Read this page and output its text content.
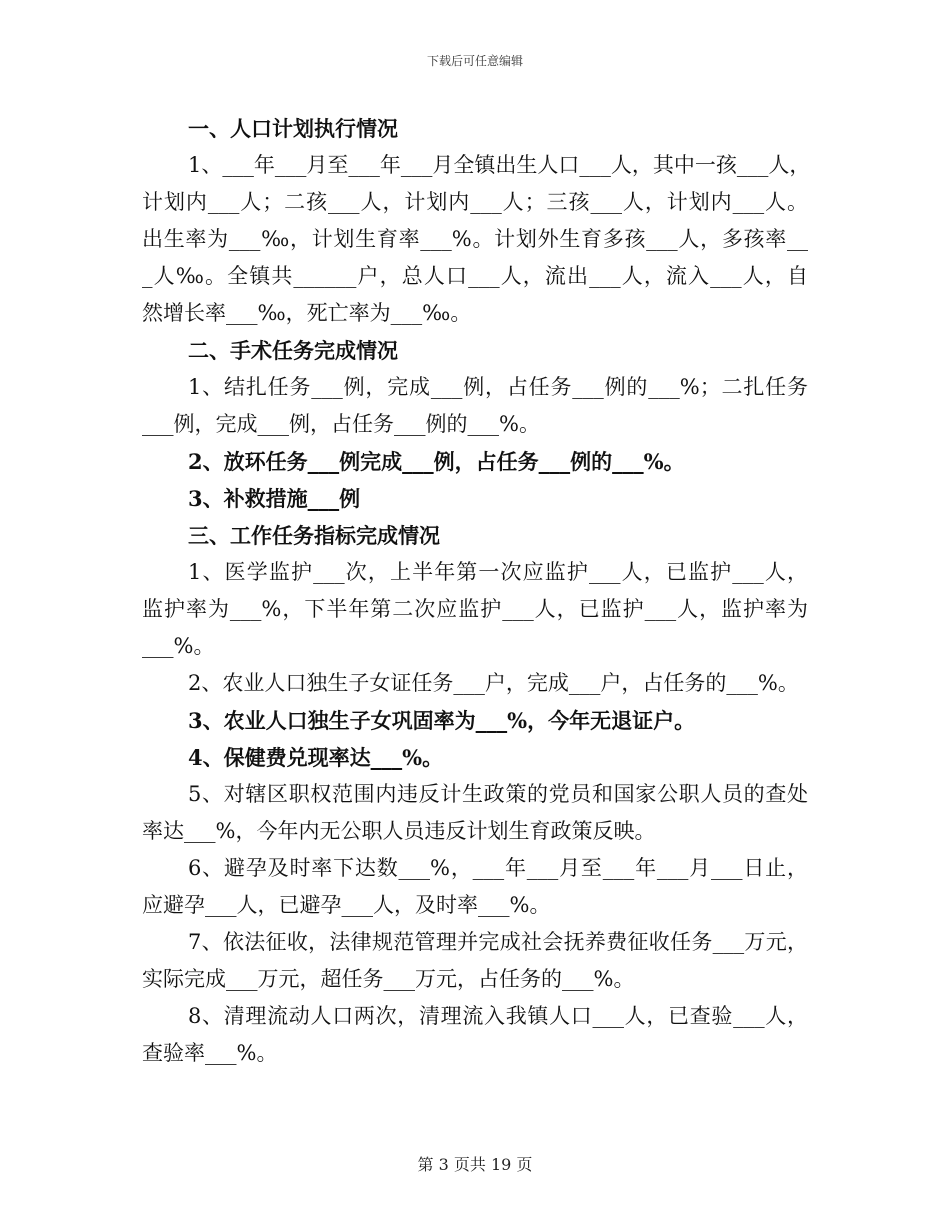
下载后可任意编辑
一、人口计划执行情况
1、___年___月至___年___月全镇出生人口___人，其中一孩___人，
计划内___人；二孩___人，计划内___人；三孩___人，计划内___人。
出生率为___‰，计划生育率___%。计划外生育多孩___人，多孩率__
_人‰。全镇共______户，总人口___人，流出___人，流入___人，自
然增长率___‰，死亡率为___‰。
二、手术任务完成情况
1、结扎任务___例，完成___例，占任务___例的___%；二扎任务
___例，完成___例，占任务___例的___%。
2、放环任务___例完成___例，占任务___例的___%。
3、补救措施___例
三、工作任务指标完成情况
1、医学监护___次，上半年第一次应监护___人，已监护___人，
监护率为___%，下半年第二次应监护___人，已监护___人，监护率为
___%。
2、农业人口独生子女证任务___户，完成___户，占任务的___%。
3、农业人口独生子女巩固率为___%，今年无退证户。
4、保健费兑现率达___%。
5、对辖区职权范围内违反计生政策的党员和国家公职人员的查处
率达___%，今年内无公职人员违反计划生育政策反映。
6、避孕及时率下达数___%，___年___月至___年___月___日止，
应避孕___人，已避孕___人，及时率___%。
7、依法征收，法律规范管理并完成社会抚养费征收任务___万元，
实际完成___万元，超任务___万元，占任务的___%。
8、清理流动人口两次，清理流入我镇人口___人，已查验___人，
查验率___%。
第 3 页共 19 页
